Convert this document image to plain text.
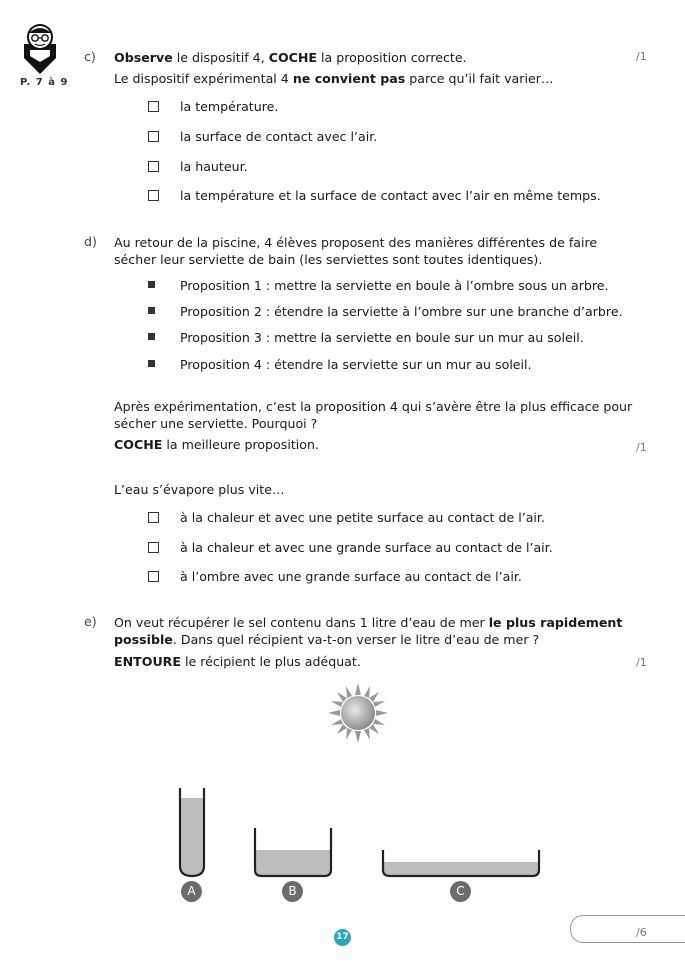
P. 7 à 9
c) Observe le dispositif 4, COCHE la proposition correcte.	/1
Le dispositif expérimental 4 ne convient pas parce qu’il fait varier…
la température.
la surface de contact avec l’air.
la hauteur.
la température et la surface de contact avec l’air en même temps.
d) Au retour de la piscine, 4 élèves proposent des manières différentes de faire
sécher leur serviette de bain (les serviettes sont toutes identiques).
Proposition 1 : mettre la serviette en boule à l’ombre sous un arbre.
Proposition 2 : étendre la serviette à l’ombre sur une branche d’arbre.
Proposition 3 : mettre la serviette en boule sur un mur au soleil.
Proposition 4 : étendre la serviette sur un mur au soleil.
Après expérimentation, c’est la proposition 4 qui s’avère être la plus efficace pour
sécher une serviette. Pourquoi ?
COCHE la meilleure proposition.	/1
L’eau s’évapore plus vite…
à la chaleur et avec une petite surface au contact de l’air.
à la chaleur et avec une grande surface au contact de l’air.
à l’ombre avec une grande surface au contact de l’air.
e) On veut récupérer le sel contenu dans 1 litre d’eau de mer le plus rapidement
possible. Dans quel récipient va-t-on verser le litre d’eau de mer ?
ENTOURE le récipient le plus adéquat.	/1
A	B	C
/6
17
